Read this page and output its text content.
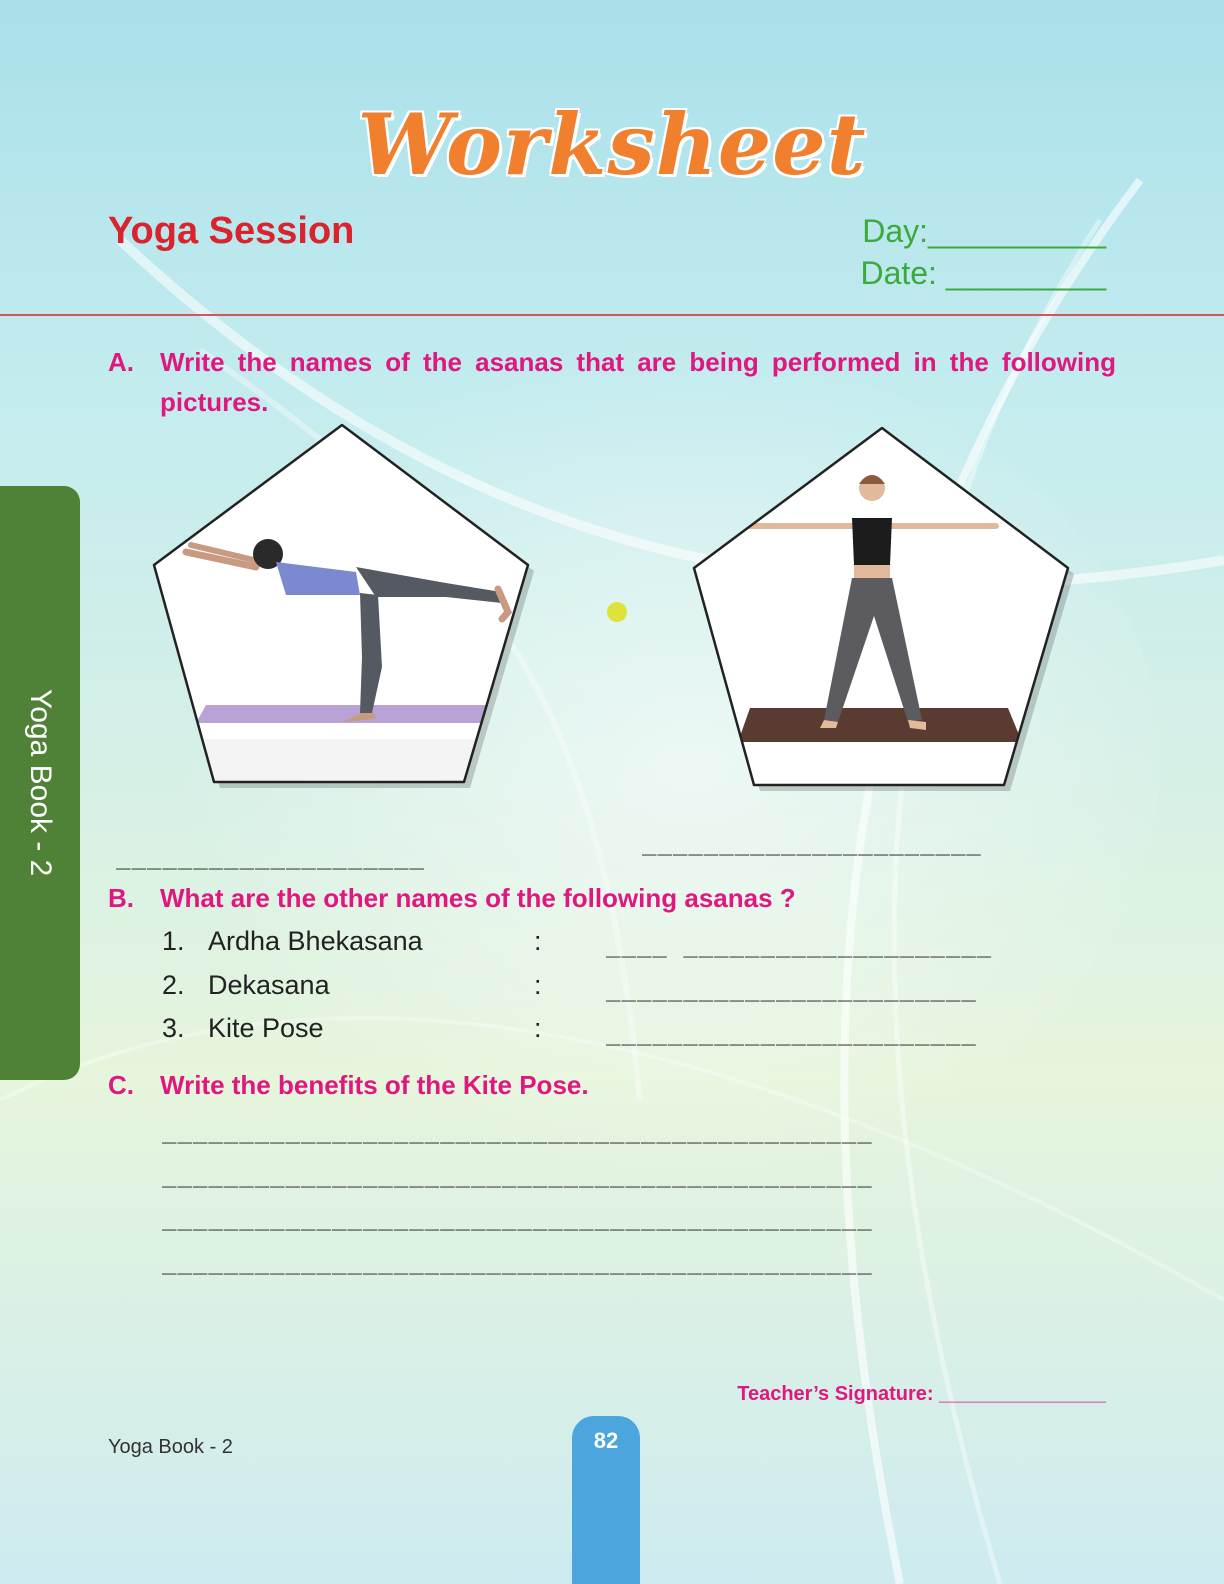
Worksheet
Yoga Session	Day:__________
Date: _________
A. Write the names of the asanas that are being performed in the following pictures.
____________________	______________________
B. What are the other names of the following asanas ?
1. Ardha Bhekasana	:	____ ____________________
2. Dekasana	:	________________________
3. Kite Pose	:	________________________
C. Write the benefits of the Kite Pose.
______________________________________________
______________________________________________
______________________________________________
______________________________________________
Yoga Book - 2
Teacher’s Signature: _______________
Yoga Book - 2	82
